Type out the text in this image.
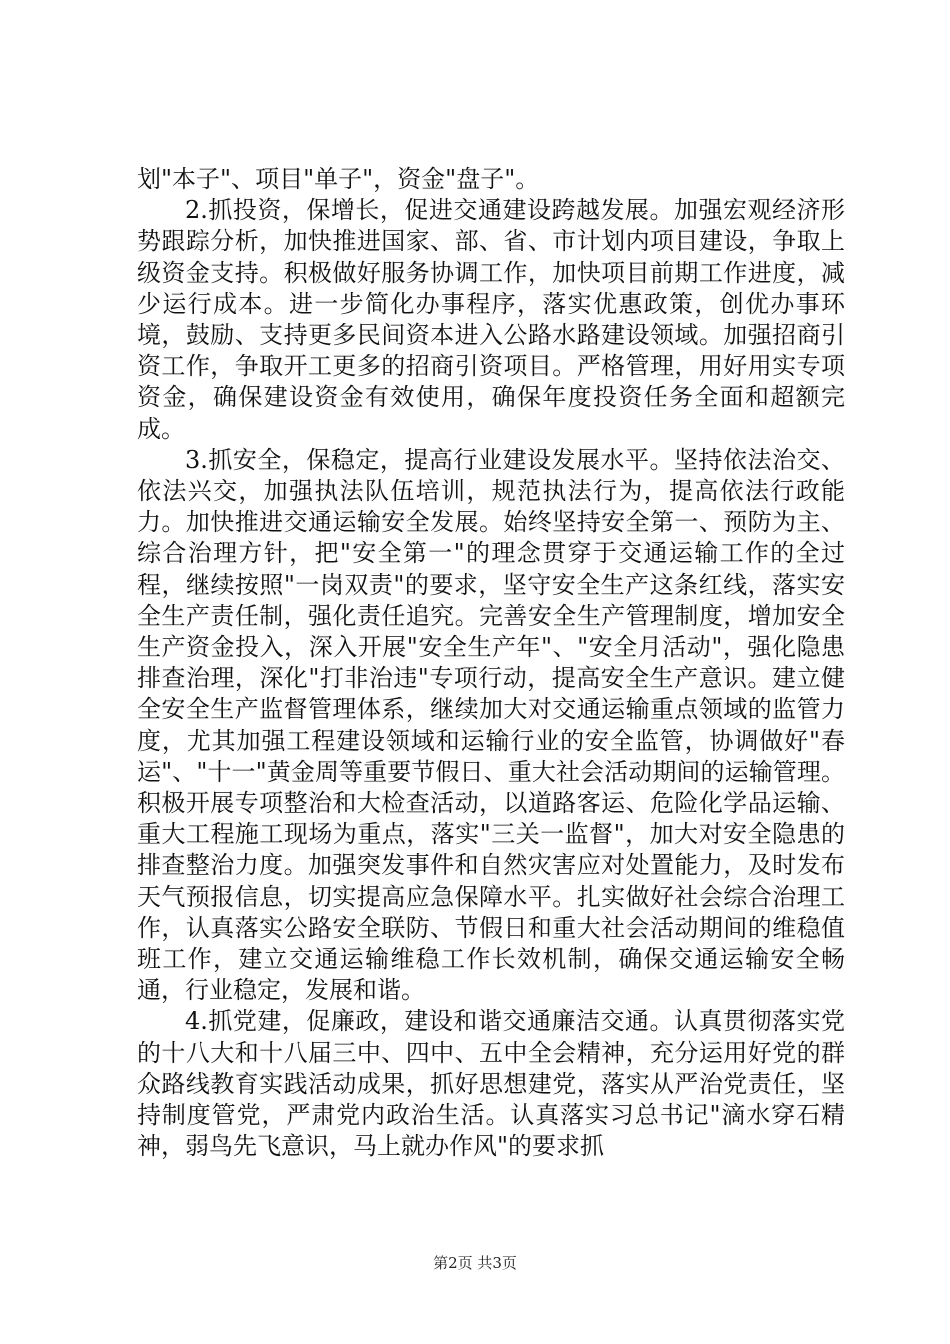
划"本子"、项目"单子"，资金"盘子"。

2.抓投资，保增长，促进交通建设跨越发展。加强宏观经济形势跟踪分析，加快推进国家、部、省、市计划内项目建设，争取上级资金支持。积极做好服务协调工作，加快项目前期工作进度，减少运行成本。进一步简化办事程序，落实优惠政策，创优办事环境，鼓励、支持更多民间资本进入公路水路建设领域。加强招商引资工作，争取开工更多的招商引资项目。严格管理，用好用实专项资金，确保建设资金有效使用，确保年度投资任务全面和超额完成。

3.抓安全，保稳定，提高行业建设发展水平。坚持依法治交、依法兴交，加强执法队伍培训，规范执法行为，提高依法行政能力。加快推进交通运输安全发展。始终坚持安全第一、预防为主、综合治理方针，把"安全第一"的理念贯穿于交通运输工作的全过程，继续按照"一岗双责"的要求，坚守安全生产这条红线，落实安全生产责任制，强化责任追究。完善安全生产管理制度，增加安全生产资金投入，深入开展"安全生产年"、"安全月活动"，强化隐患排查治理，深化"打非治违"专项行动，提高安全生产意识。建立健全安全生产监督管理体系，继续加大对交通运输重点领域的监管力度，尤其加强工程建设领域和运输行业的安全监管，协调做好"春运"、"十一"黄金周等重要节假日、重大社会活动期间的运输管理。积极开展专项整治和大检查活动，以道路客运、危险化学品运输、重大工程施工现场为重点，落实"三关一监督"，加大对安全隐患的排查整治力度。加强突发事件和自然灾害应对处置能力，及时发布天气预报信息，切实提高应急保障水平。扎实做好社会综合治理工作，认真落实公路安全联防、节假日和重大社会活动期间的维稳值班工作，建立交通运输维稳工作长效机制，确保交通运输安全畅通，行业稳定，发展和谐。

4.抓党建，促廉政，建设和谐交通廉洁交通。认真贯彻落实党的十八大和十八届三中、四中、五中全会精神，充分运用好党的群众路线教育实践活动成果，抓好思想建党，落实从严治党责任，坚持制度管党，严肃党内政治生活。认真落实习总书记"滴水穿石精神，弱鸟先飞意识，马上就办作风"的要求抓

第2页 共3页
